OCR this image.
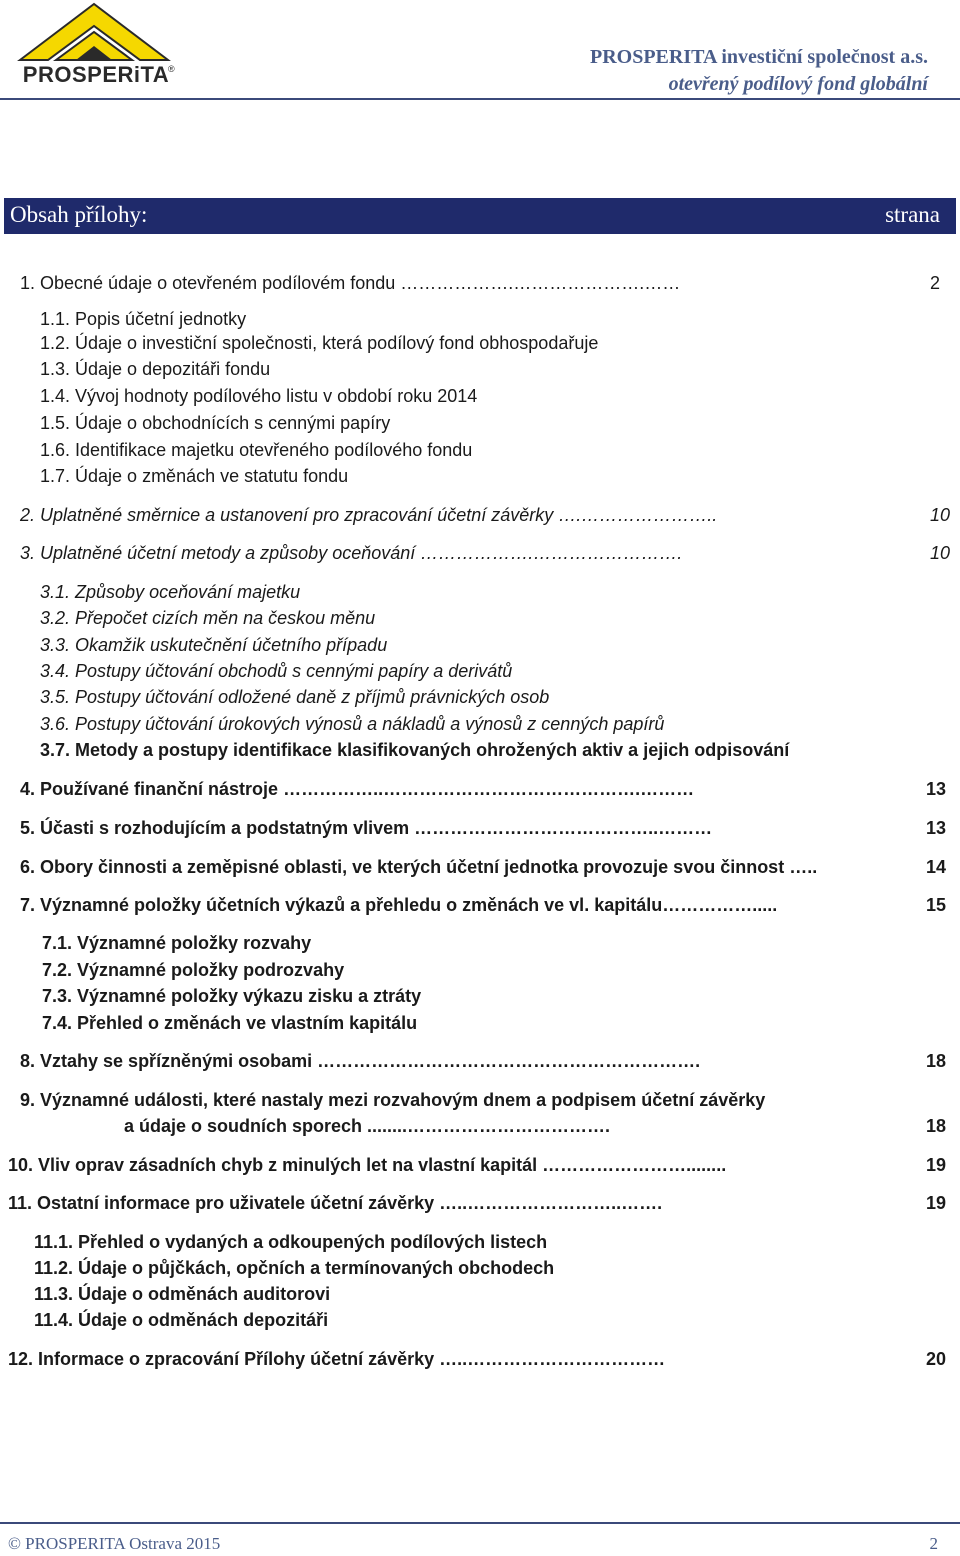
PROSPERiTA
®
PROSPERITA investiční společnost a.s.
otevřený podílový fond globální
Obsah přílohy:	strana
1. Obecné údaje o otevřeném podílovém fondu ……………….………………….……	2
1.1. Popis účetní jednotky
1.2. Údaje o investiční společnosti, která podílový fond obhospodařuje
1.3. Údaje o depozitáři fondu
1.4. Vývoj hodnoty podílového listu v období roku 2014
1.5. Údaje o obchodnících s cennými papíry
1.6. Identifikace majetku otevřeného podílového fondu
1.7. Údaje o změnách ve statutu fondu
2. Uplatněné směrnice a ustanovení pro zpracování účetní závěrky ….…………………..	10
3. Uplatněné účetní metody a způsoby oceňování ……………….…………………….	10
3.1. Způsoby oceňování majetku
3.2. Přepočet cizích měn na českou měnu
3.3. Okamžik uskutečnění účetního případu
3.4. Postupy účtování obchodů s cennými papíry a derivátů
3.5. Postupy účtování odložené daně z příjmů právnických osob
3.6. Postupy účtování úrokových výnosů a nákladů a výnosů z cenných papírů
3.7. Metody a postupy identifikace klasifikovaných ohrožených aktiv a jejich odpisování
4. Používané finanční nástroje ……………..…………………………………….………	13
5. Účasti s rozhodujícím a podstatným vlivem …………………………………..………	13
6. Obory činnosti a zeměpisné oblasti, ve kterých účetní jednotka provozuje svou činnost …..	14
7. Významné položky účetních výkazů a přehledu o změnách ve vl. kapitálu…………….....	15
7.1. Významné položky rozvahy
7.2. Významné položky podrozvahy
7.3. Významné položky výkazu zisku a ztráty
7.4. Přehled o změnách ve vlastním kapitálu
8. Vztahy se spřízněnými osobami ……………………………………………………….	18
9. Významné události, které nastaly mezi rozvahovým dnem a podpisem účetní závěrky
a údaje o soudních sporech ........…………………………….	18
10. Vliv oprav zásadních chyb z minulých let na vlastní kapitál ……………………........	19
11. Ostatní informace pro uživatele účetní závěrky …..……………………..…….	19
11.1. Přehled o vydaných a odkoupených podílových listech
11.2. Údaje o půjčkách, opčních a termínovaných obchodech
11.3. Údaje o odměnách auditorovi
11.4. Údaje o odměnách depozitáři
12. Informace o zpracování Přílohy účetní závěrky …..……………………………	20
© PROSPERITA Ostrava 2015	2
